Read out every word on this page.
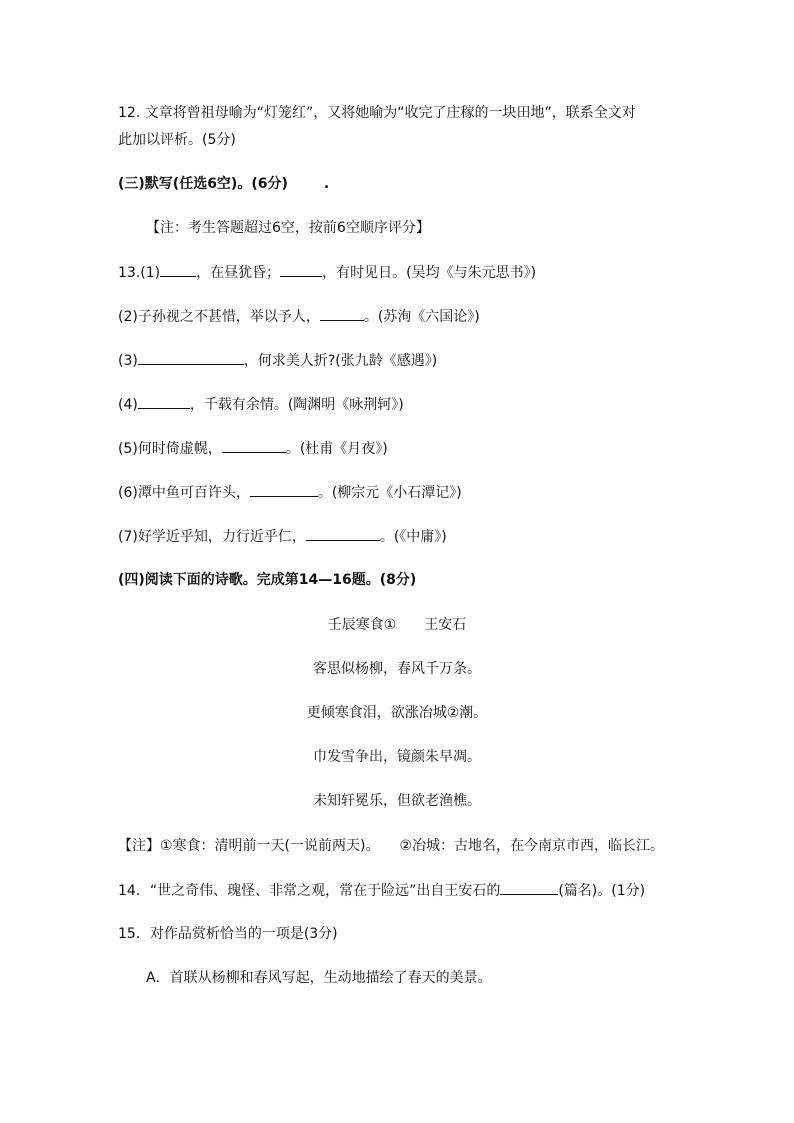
12. 文章将曾祖母喻为“灯笼红”，又将她喻为“收完了庄稼的一块田地”，联系全文对
此加以评析。(5分)
(三)默写(任选6空)。(6分)	.
【注：考生答题超过6空，按前6空顺序评分】
13.(1)	，在昼犹昏；	，有时见日。(吴均《与朱元思书》)
(2)子孙视之不甚惜，举以予人，	。(苏洵《六国论》)
(3)	，何求美人折?(张九龄《感遇》)
(4)	，千载有余情。(陶渊明《咏荆轲》)
(5)何时倚虚幌，	。(杜甫《月夜》)
(6)潭中鱼可百许头，	。(柳宗元《小石潭记》)
(7)好学近乎知，力行近乎仁，	。(《中庸》)
(四)阅读下面的诗歌。完成第14—16题。(8分)
壬辰寒食① 王安石
客思似杨柳，春风千万条。
更倾寒食泪，欲涨冶城②潮。
巾发雪争出，镜颜朱早凋。
未知轩冕乐，但欲老渔樵。
【注】①寒食：清明前一天(一说前两天)。 ②冶城：古地名，在今南京市西，临长江。
14．“世之奇伟、瑰怪、非常之观，常在于险远”出自王安石的	(篇名)。(1分)
15．对作品赏析恰当的一项是(3分)
A．首联从杨柳和春风写起，生动地描绘了春天的美景。
